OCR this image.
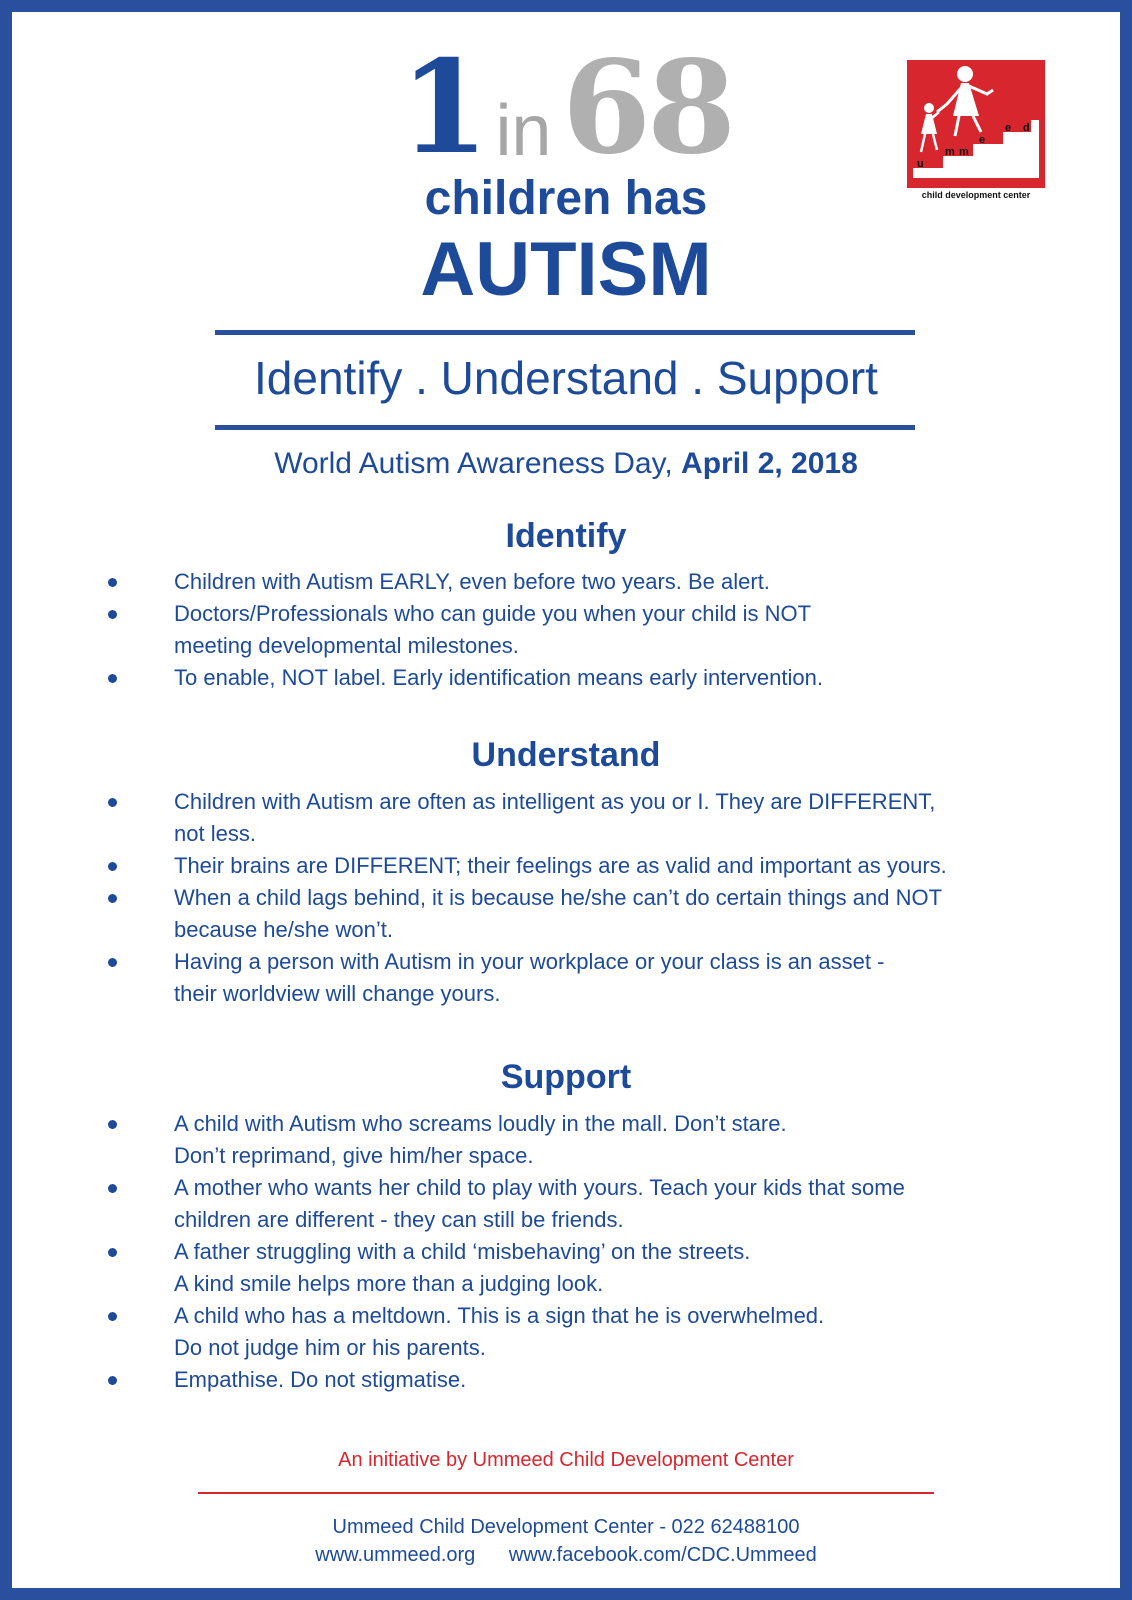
1 in 68
children has
AUTISM
u
m m
e
e d
child development center
Identify . Understand . Support
World Autism Awareness Day, April 2, 2018
Identify
Children with Autism EARLY, even before two years. Be alert.
Doctors/Professionals who can guide you when your child is NOT
meeting developmental milestones.
To enable, NOT label. Early identification means early intervention.
Understand
Children with Autism are often as intelligent as you or I. They are DIFFERENT,
not less.
Their brains are DIFFERENT; their feelings are as valid and important as yours.
When a child lags behind, it is because he/she can’t do certain things and NOT
because he/she won’t.
Having a person with Autism in your workplace or your class is an asset -
their worldview will change yours.
Support
A child with Autism who screams loudly in the mall. Don’t stare.
Don’t reprimand, give him/her space.
A mother who wants her child to play with yours. Teach your kids that some
children are different - they can still be friends.
A father struggling with a child ‘misbehaving’ on the streets.
A kind smile helps more than a judging look.
A child who has a meltdown. This is a sign that he is overwhelmed.
Do not judge him or his parents.
Empathise. Do not stigmatise.
An initiative by Ummeed Child Development Center
Ummeed Child Development Center - 022 62488100
www.ummeed.org www.facebook.com/CDC.Ummeed
